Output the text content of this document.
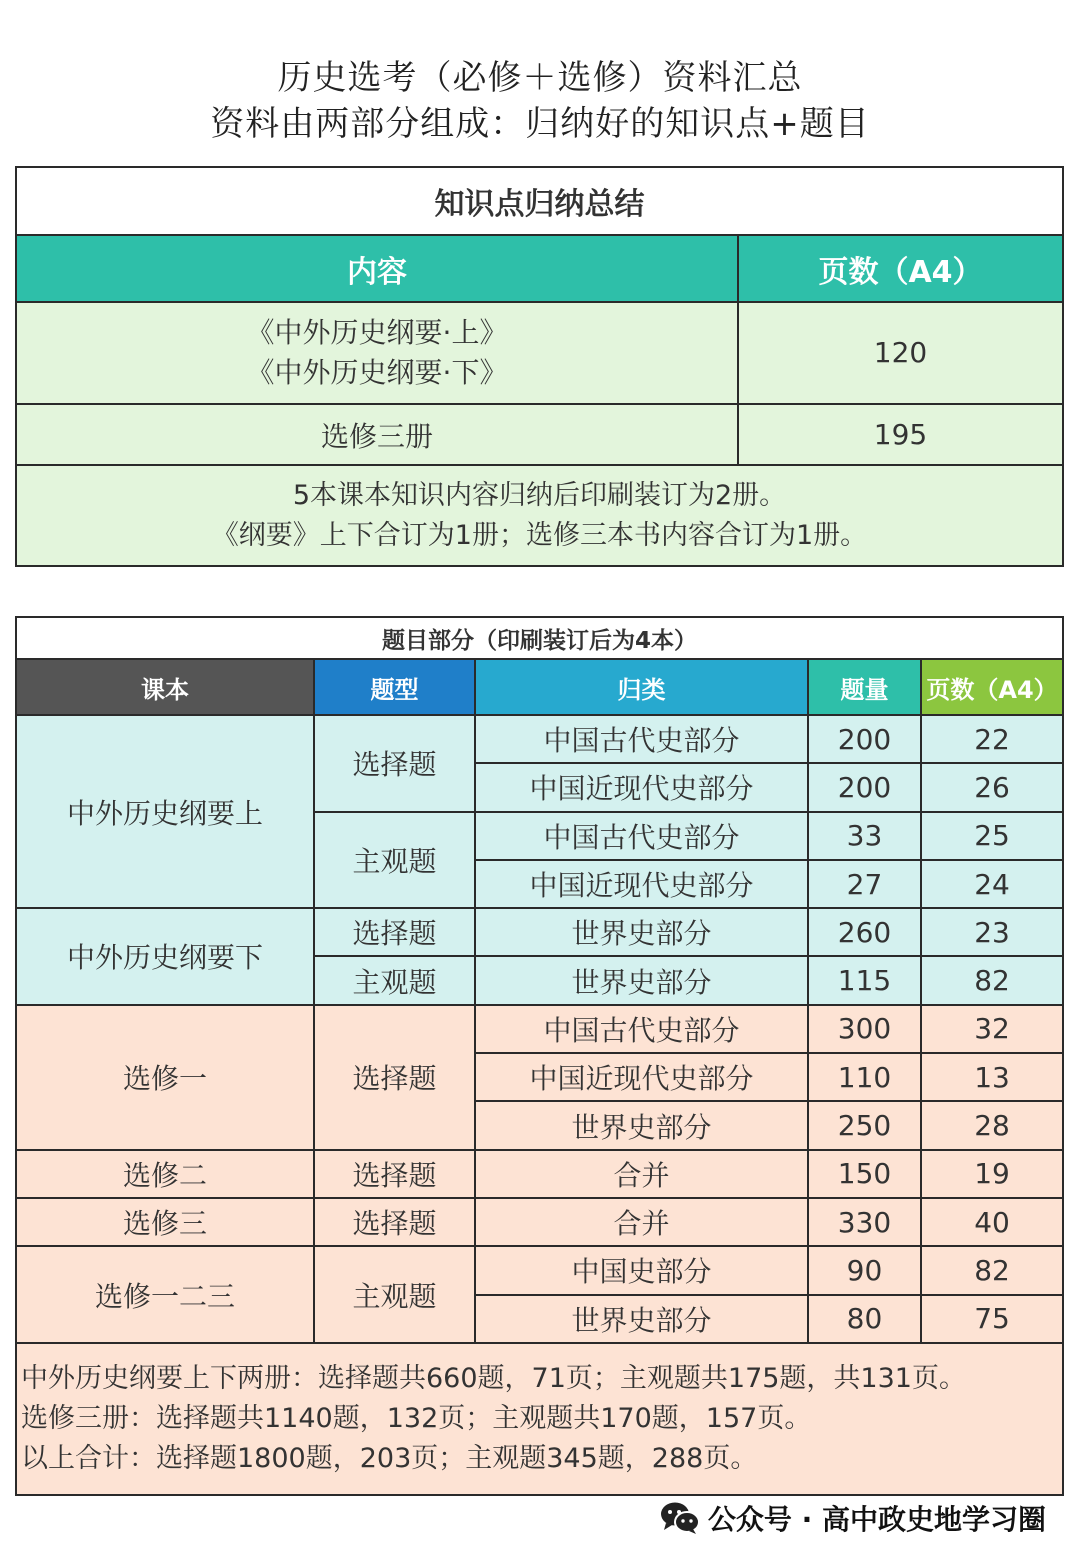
历史选考（必修＋选修）资料汇总
资料由两部分组成：归纳好的知识点+题目
知识点归纳总结	
内容	页数（A4）

《中外历史纲要·上》
《中外历史纲要·下》	120
选修三册	195

5本课本知识内容归纳后印刷装订为2册。
《纲要》上下合订为1册；选修三本书内容合订为1册。	
题目部分（印刷装订后为4本）				
课本	题型	归类	题量	页数（A4）
中外历史纲要上	选择题	中国古代史部分	200	22
		中国近现代史部分	200	26
	主观题	中国古代史部分	33	25
		中国近现代史部分	27	24
中外历史纲要下	选择题	世界史部分	260	23
	主观题	世界史部分	115	82
选修一	选择题	中国古代史部分	300	32
		中国近现代史部分	110	13
		世界史部分	250	28
选修二	选择题	合并	150	19
选修三	选择题	合并	330	40
选修一二三	主观题	中国史部分	90	82
		世界史部分	80	75

中外历史纲要上下两册：选择题共660题，71页；主观题共175题，共131页。
选修三册：选择题共1140题，132页；主观题共170题，157页。
以上合计：选择题1800题，203页；主观题345题，288页。				
公众号 · 高中政史地学习圈
